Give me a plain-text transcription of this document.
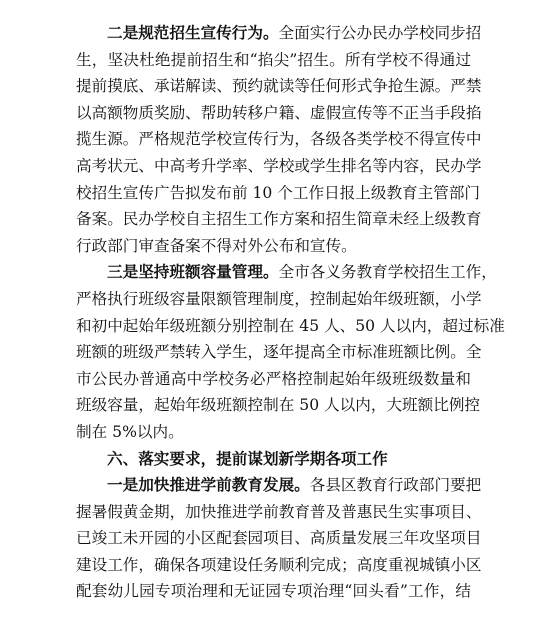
二是规范招生宣传行为。全面实行公办民办学校同步招
生，坚决杜绝提前招生和“掐尖”招生。所有学校不得通过
提前摸底、承诺解读、预约就读等任何形式争抢生源。严禁
以高额物质奖励、帮助转移户籍、虚假宣传等不正当手段掐
揽生源。严格规范学校宣传行为，各级各类学校不得宣传中
高考状元、中高考升学率、学校或学生排名等内容，民办学
校招生宣传广告拟发布前 10 个工作日报上级教育主管部门
备案。民办学校自主招生工作方案和招生简章未经上级教育
行政部门审查备案不得对外公布和宣传。
三是坚持班额容量管理。全市各义务教育学校招生工作，
严格执行班级容量限额管理制度，控制起始年级班额，小学
和初中起始年级班额分别控制在 45 人、50 人以内，超过标准
班额的班级严禁转入学生，逐年提高全市标准班额比例。全
市公民办普通高中学校务必严格控制起始年级班级数量和
班级容量，起始年级班额控制在 50 人以内，大班额比例控
制在 5%以内。
六、落实要求，提前谋划新学期各项工作
一是加快推进学前教育发展。各县区教育行政部门要把
握暑假黄金期，加快推进学前教育普及普惠民生实事项目、
已竣工未开园的小区配套园项目、高质量发展三年攻坚项目
建设工作，确保各项建设任务顺利完成；高度重视城镇小区
配套幼儿园专项治理和无证园专项治理“回头看”工作，结
